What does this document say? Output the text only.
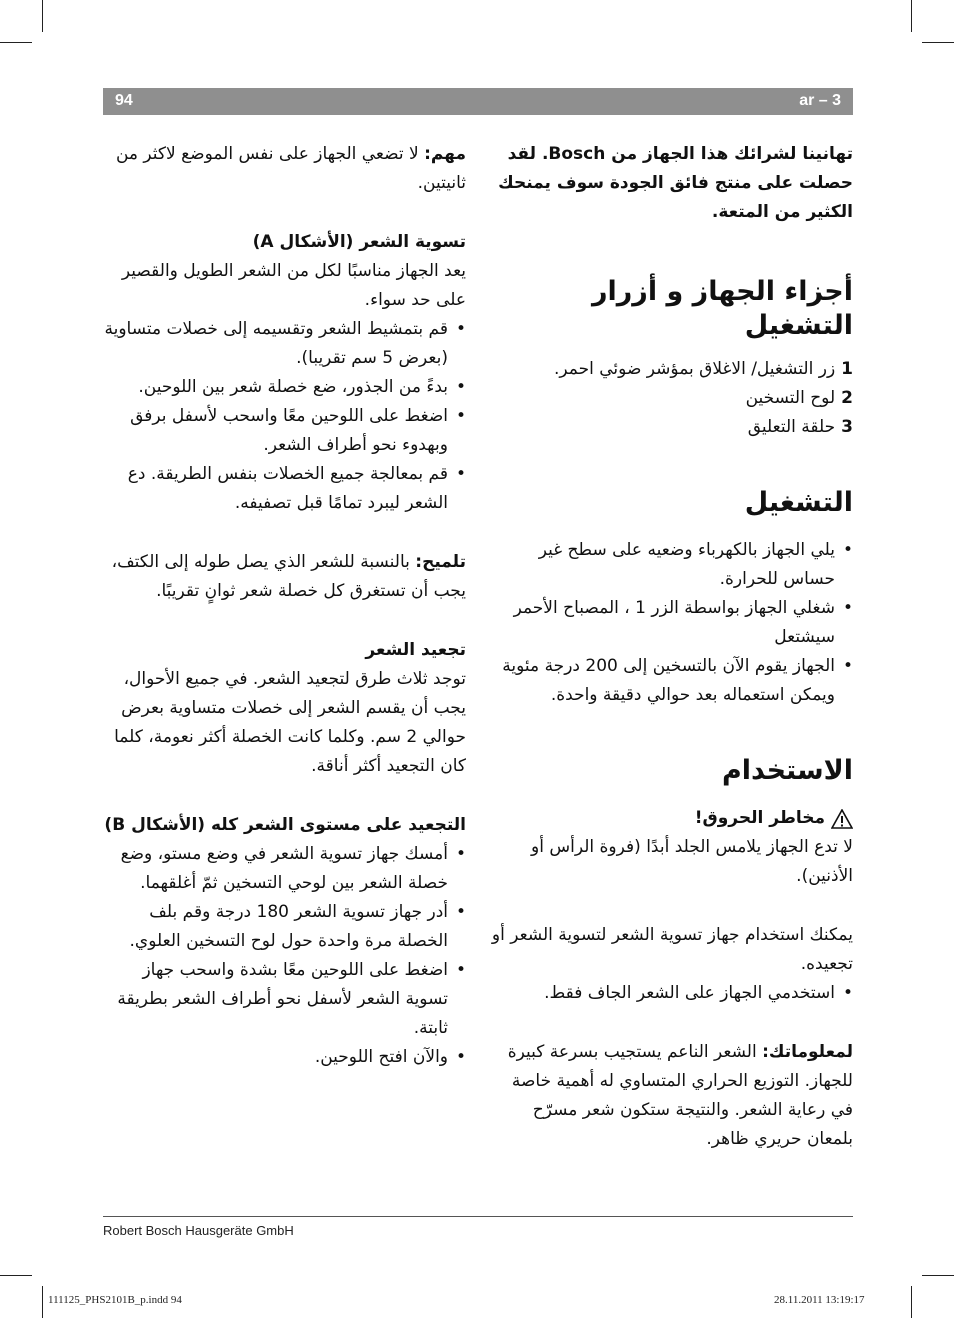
94	ar – 3

تهانينا لشرائك هذا الجهاز من Bosch. لقد حصلت على منتج فائق الجودة سوف يمنحك الكثير من المتعة.

أجزاء الجهاز و أزرار التشغيل
1زر التشغيل/ الاغلاق بمؤشر ضوئي احمر.
2لوح التسخين
3حلقة التعليق
التشغيل
• يلي الجهاز بالكهرباء وضعيه على سطح غير حساس للحرارة.
• شغلي الجهاز بواسطة الزر 1 ، المصباح الأحمر سيشتعل
• الجهاز يقوم الآن بالتسخين إلى 200 درجة مئوية ويمكن استعماله بعد حوالي دقيقة واحدة.
الاستخدام
مخاطر الحروق!

لا تدع الجهاز يلامس الجلد أبدًا (فروة الرأس أو الأذنين).

يمكنك استخدام جهاز تسوية الشعر لتسوية الشعر أو تجعيده.

• استخدمي الجهاز على الشعر الجاف فقط.

لمعلوماتك: الشعر الناعم يستجيب بسرعة كبيرة للجهاز. التوزيع الحراري المتساوي له أهمية خاصة في رعاية الشعر. والنتيجة ستكون شعر مسرّح بلمعان حريري ظاهر.

مهم: لا تضعي الجهاز على نفس الموضع لاكثر من ثانيتين.

تسوية الشعر (الأشكال A)

يعد الجهاز مناسبًا لكل من الشعر الطويل والقصير على حد سواء.

• قم بتمشيط الشعر وتقسيمه إلى خصلات متساوية (بعرض 5 سم تقريبا).
• بدءً من الجذور، ضع خصلة شعر بين اللوحين.
• اضغط على اللوحين معًا واسحب لأسفل برفق وبهدوء نحو أطراف الشعر.
• قم بمعالجة جميع الخصلات بنفس الطريقة. دع الشعر ليبرد تمامًا قبل تصفيفه.

تلميح: بالنسبة للشعر الذي يصل طوله إلى الكتف، يجب أن تستغرق كل خصلة شعر ثوانٍ تقريبًا.

تجعيد الشعر

توجد ثلاث طرق لتجعيد الشعر. في جميع الأحوال، يجب أن يقسم الشعر إلى خصلات متساوية بعرض حوالي 2 سم. وكلما كانت الخصلة أكثر نعومة، كلما كان التجعيد أكثر أناقة.

التجعيد على مستوى الشعر كله (الأشكال B)
• أمسك جهاز تسوية الشعر في وضع مستو، وضع خصلة الشعر بين لوحي التسخين ثمّ أغلقهما.
• أدر جهاز تسوية الشعر 180 درجة وقم بلف الخصلة مرة واحدة حول لوح التسخين العلوي.
• اضغط على اللوحين معًا بشدة واسحب جهاز تسوية الشعر لأسفل نحو أطراف الشعر بطريقة ثابتة.
• والآن افتح اللوحين.
Robert Bosch Hausgeräte GmbH
111125_PHS2101B_p.indd 94	28.11.2011 13:19:17
